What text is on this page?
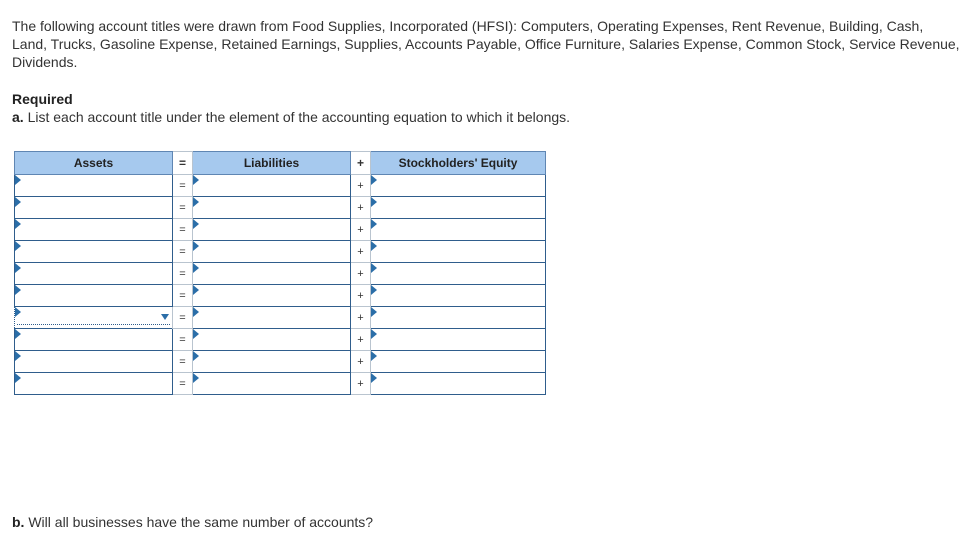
The following account titles were drawn from Food Supplies, Incorporated (HFSI): Computers, Operating Expenses, Rent Revenue, Building, Cash, Land, Trucks, Gasoline Expense, Retained Earnings, Supplies, Accounts Payable, Office Furniture, Salaries Expense, Common Stock, Service Revenue, Dividends.
Required
a. List each account title under the element of the accounting equation to which it belongs.
Assets	=	Liabilities	+	Stockholders' Equity

	=		+	

	=		+	

	=		+	

	=		+	

	=		+	

	=		+	

	=		+	

	=		+	

	=		+	

	=		+	
b. Will all businesses have the same number of accounts?
